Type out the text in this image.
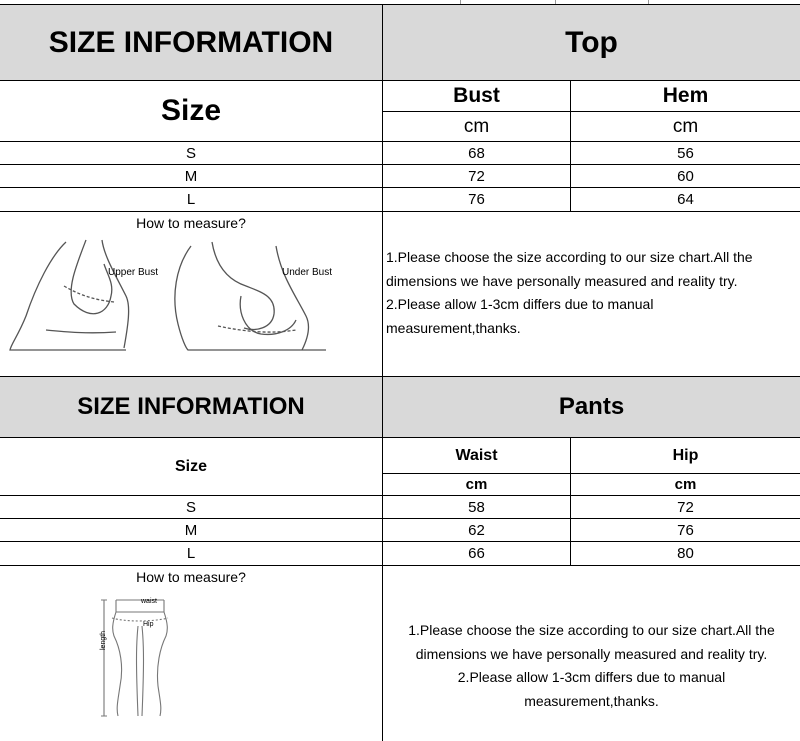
SIZE INFORMATION	Top
Size	Bust	Hem
cm	cm
S	68	56
M	72	60
L	76	64
How to measure?
Upper Bust	Under Bust
1.Please choose the size according to our size chart.All the
dimensions we have personally measured and reality try.
2.Please allow 1-3cm differs due to manual
measurement,thanks.
SIZE INFORMATION	Pants
Size
Waist	Hip
cm	cm
S	58	72
M	62	76
L	66	80
How to measure?
waist
Hip
length
1.Please choose the size according to our size chart.All the
dimensions we have personally measured and reality try.
2.Please allow 1-3cm differs due to manual
measurement,thanks.
